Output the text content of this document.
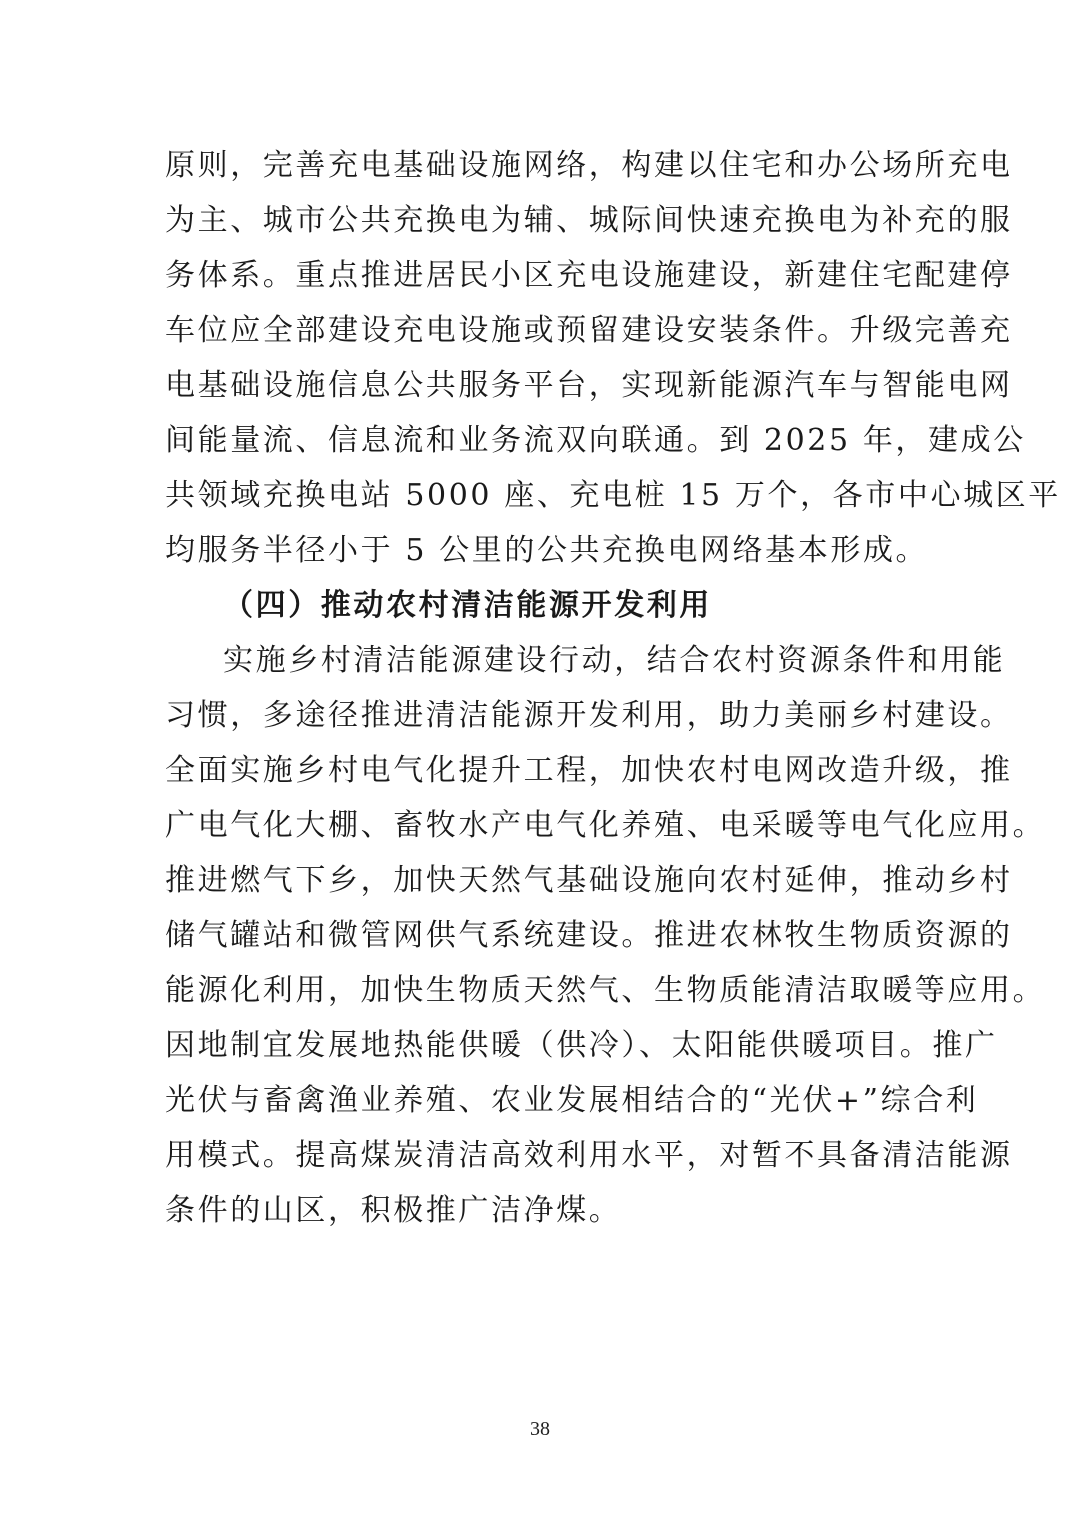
原则，完善充电基础设施网络，构建以住宅和办公场所充电
为主、城市公共充换电为辅、城际间快速充换电为补充的服
务体系。重点推进居民小区充电设施建设，新建住宅配建停
车位应全部建设充电设施或预留建设安装条件。升级完善充
电基础设施信息公共服务平台，实现新能源汽车与智能电网
间能量流、信息流和业务流双向联通。到 2025 年，建成公
共领域充换电站 5000 座、充电桩 15 万个，各市中心城区平
均服务半径小于 5 公里的公共充换电网络基本形成。
（四）推动农村清洁能源开发利用
实施乡村清洁能源建设行动，结合农村资源条件和用能
习惯，多途径推进清洁能源开发利用，助力美丽乡村建设。
全面实施乡村电气化提升工程，加快农村电网改造升级，推
广电气化大棚、畜牧水产电气化养殖、电采暖等电气化应用。
推进燃气下乡，加快天然气基础设施向农村延伸，推动乡村
储气罐站和微管网供气系统建设。推进农林牧生物质资源的
能源化利用，加快生物质天然气、生物质能清洁取暖等应用。
因地制宜发展地热能供暖（供冷）、太阳能供暖项目。推广
光伏与畜禽渔业养殖、农业发展相结合的“光伏+”综合利
用模式。提高煤炭清洁高效利用水平，对暂不具备清洁能源
条件的山区，积极推广洁净煤。
38
